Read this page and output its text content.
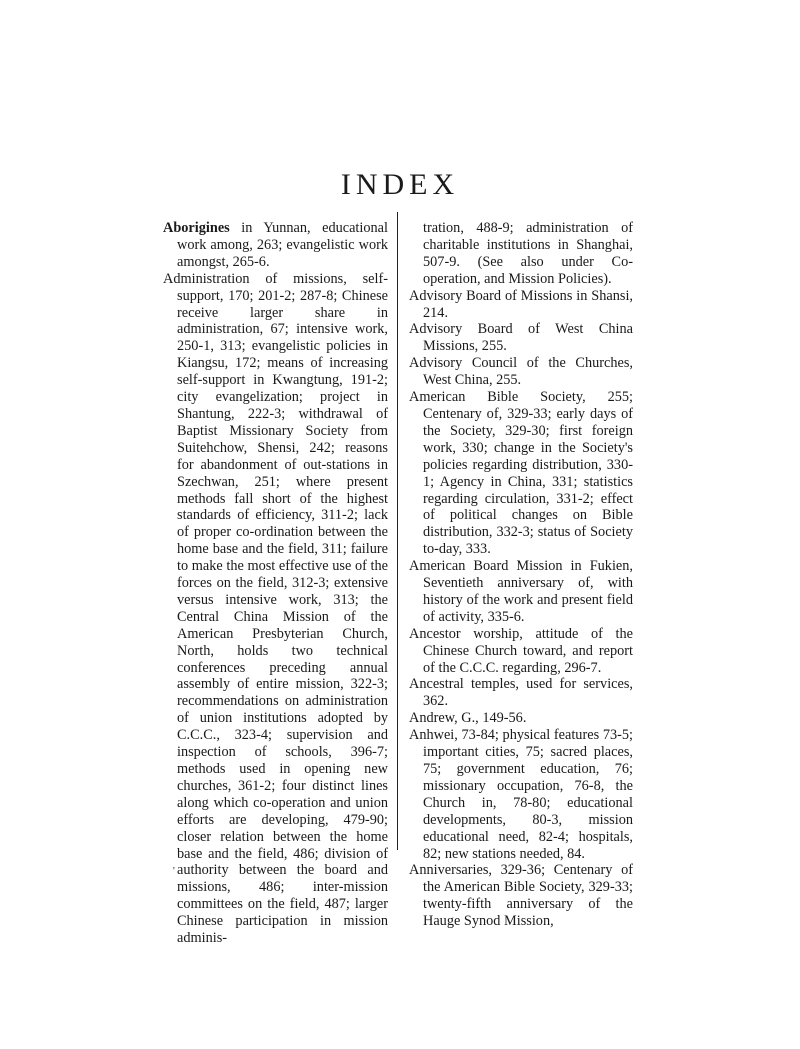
INDEX

Aborigines in Yunnan, educational work among, 263; evangelistic work amongst, 265-6.

Administration of missions, self-support, 170; 201-2; 287-8; Chinese receive larger share in administration, 67; intensive work, 250-1, 313; evangelistic policies in Kiangsu, 172; means of increasing self-support in Kwangtung, 191-2; city evangelization; project in Shantung, 222-3; withdrawal of Baptist Missionary Society from Suitehchow, Shensi, 242; reasons for abandonment of out-stations in Szechwan, 251; where present methods fall short of the highest standards of efficiency, 311-2; lack of proper co-ordination between the home base and the field, 311; failure to make the most effective use of the forces on the field, 312-3; extensive versus intensive work, 313; the Central China Mission of the American Presbyterian Church, North, holds two technical conferences preceding annual assembly of entire mission, 322-3; recommendations on administration of union institutions adopted by C.C.C., 323-4; supervision and inspection of schools, 396-7; methods used in opening new churches, 361-2; four distinct lines along which co-operation and union efforts are developing, 479-90; closer relation between the home base and the field, 486; division of authority between the board and missions, 486; inter-mission committees on the field, 487; larger Chinese participation in mission adminis-

tration, 488-9; administration of charitable institutions in Shanghai, 507-9. (See also under Co-operation, and Mission Policies).

Advisory Board of Missions in Shansi, 214.

Advisory Board of West China Missions, 255.

Advisory Council of the Churches, West China, 255.

American Bible Society, 255; Centenary of, 329-33; early days of the Society, 329-30; first foreign work, 330; change in the Society's policies regarding distribution, 330-1; Agency in China, 331; statistics regarding circulation, 331-2; effect of political changes on Bible distribution, 332-3; status of Society to-day, 333.

American Board Mission in Fukien, Seventieth anniversary of, with history of the work and present field of activity, 335-6.

Ancestor worship, attitude of the Chinese Church toward, and report of the C.C.C. regarding, 296-7.

Ancestral temples, used for services, 362.

Andrew, G., 149-56.

Anhwei, 73-84; physical features 73-5; important cities, 75; sacred places, 75; government education, 76; missionary occupation, 76-8, the Church in, 78-80; educational developments, 80-3, mission educational need, 82-4; hospitals, 82; new stations needed, 84.

Anniversaries, 329-36; Centenary of the American Bible Society, 329-33; twenty-fifth anniversary of the Hauge Synod Mission,

'
